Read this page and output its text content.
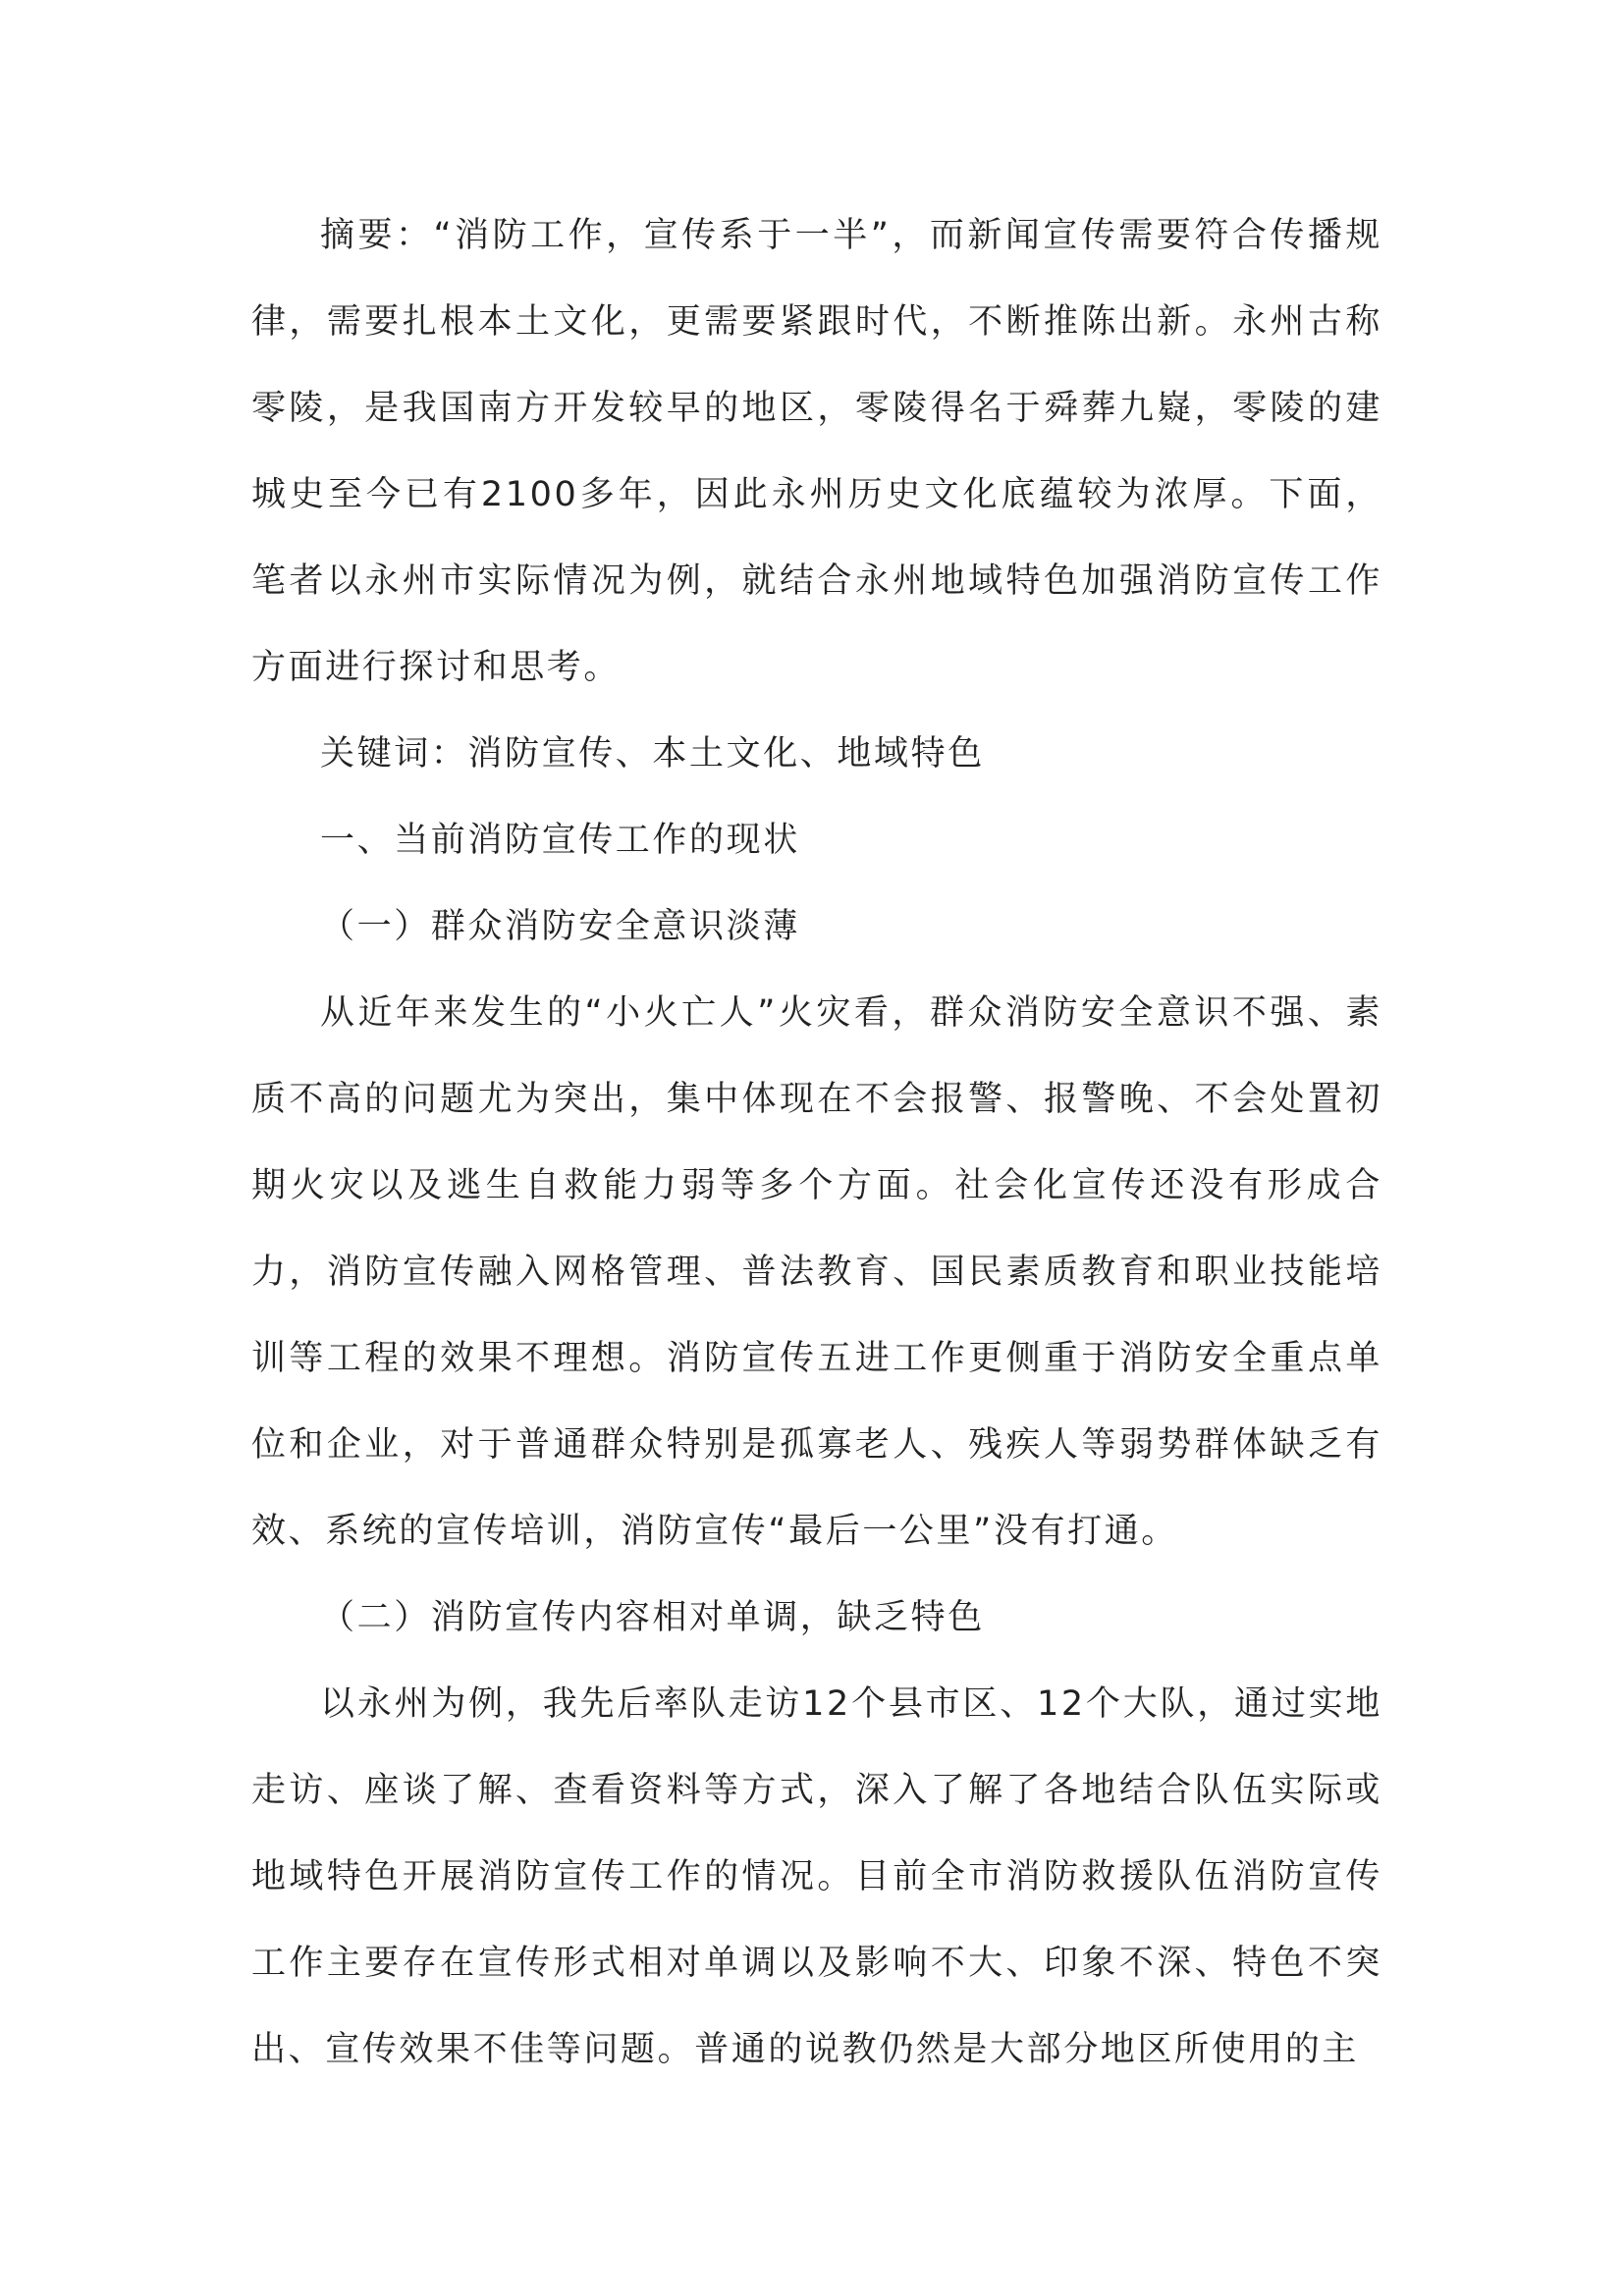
摘要：“消防工作，宣传系于一半”，而新闻宣传需要符合传播规律，需要扎根本土文化，更需要紧跟时代，不断推陈出新。永州古称零陵，是我国南方开发较早的地区，零陵得名于舜葬九嶷，零陵的建城史至今已有2100多年，因此永州历史文化底蕴较为浓厚。下面，笔者以永州市实际情况为例，就结合永州地域特色加强消防宣传工作方面进行探讨和思考。

关键词：消防宣传、本土文化、地域特色

一、当前消防宣传工作的现状

（一）群众消防安全意识淡薄

从近年来发生的“小火亡人”火灾看，群众消防安全意识不强、素质不高的问题尤为突出，集中体现在不会报警、报警晚、不会处置初期火灾以及逃生自救能力弱等多个方面。社会化宣传还没有形成合力，消防宣传融入网格管理、普法教育、国民素质教育和职业技能培训等工程的效果不理想。消防宣传五进工作更侧重于消防安全重点单位和企业，对于普通群众特别是孤寡老人、残疾人等弱势群体缺乏有效、系统的宣传培训，消防宣传“最后一公里”没有打通。

（二）消防宣传内容相对单调，缺乏特色

以永州为例，我先后率队走访12个县市区、12个大队，通过实地走访、座谈了解、查看资料等方式，深入了解了各地结合队伍实际或地域特色开展消防宣传工作的情况。目前全市消防救援队伍消防宣传工作主要存在宣传形式相对单调以及影响不大、印象不深、特色不突出、宣传效果不佳等问题。普通的说教仍然是大部分地区所使用的主
